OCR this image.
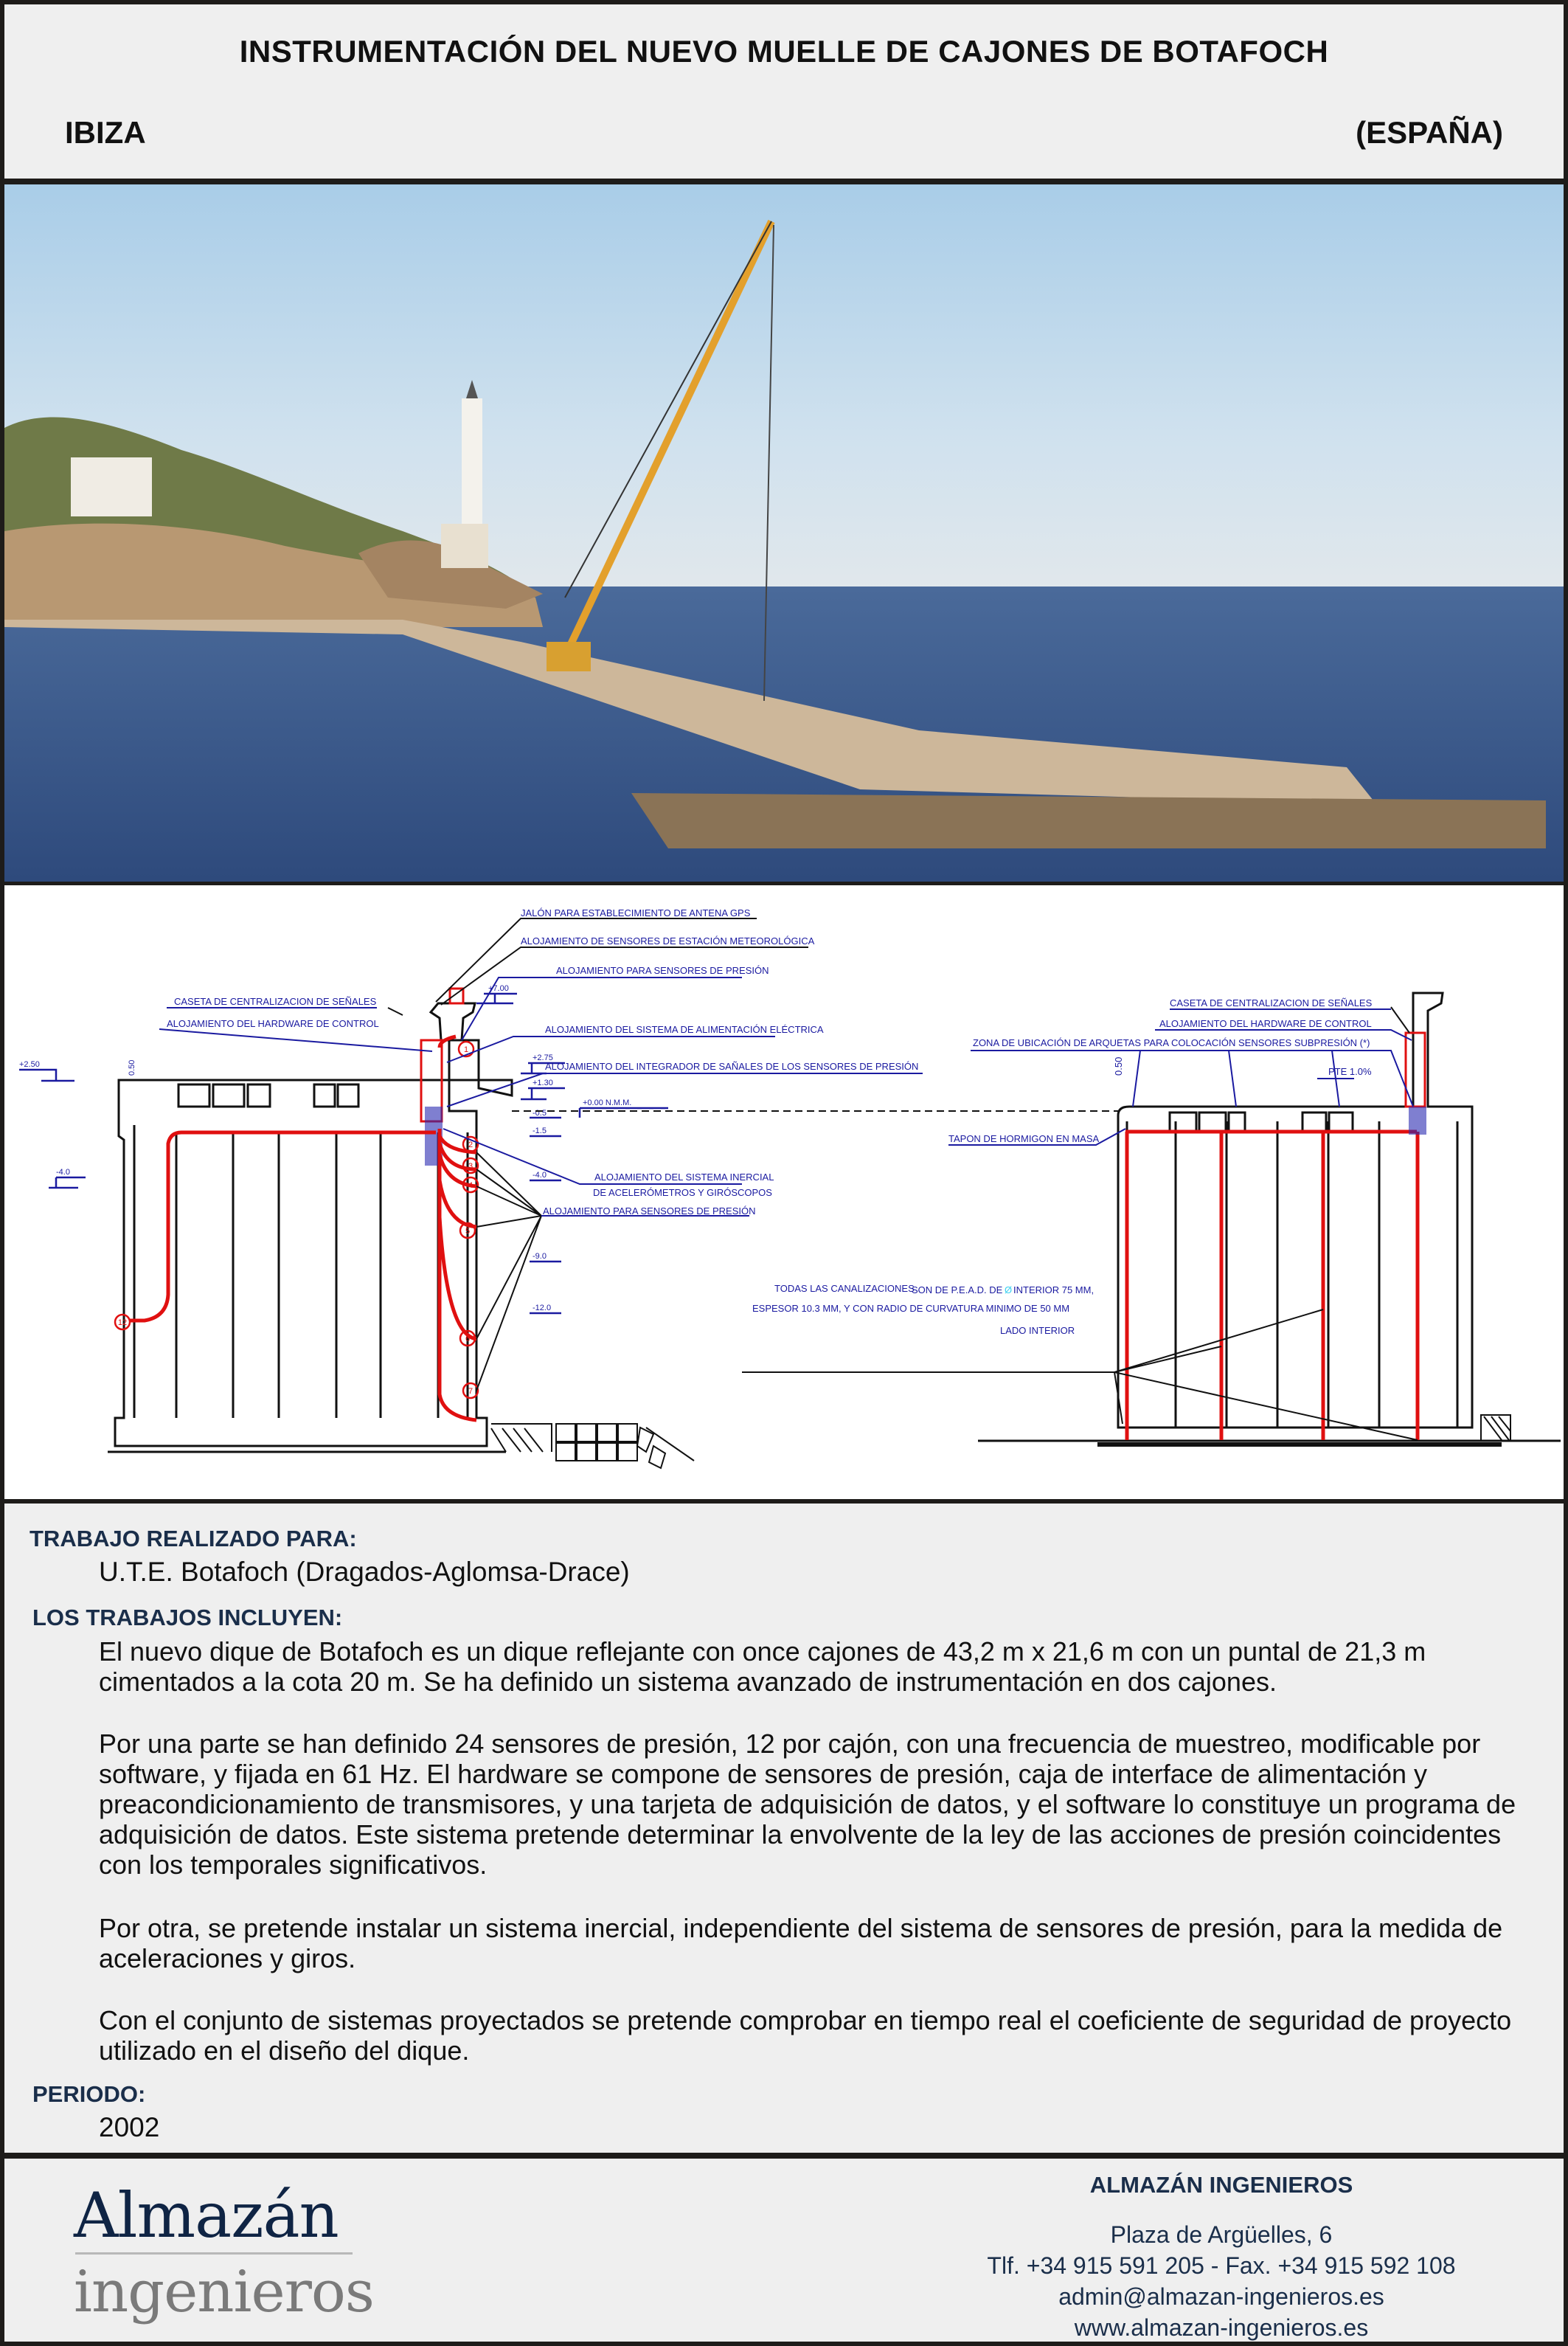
INSTRUMENTACIÓN DEL NUEVO MUELLE DE CAJONES DE BOTAFOCH
IBIZA	(ESPAÑA)
1
2
3
4
5
6
7
12
JALÓN PARA ESTABLECIMIENTO DE ANTENA GPS
ALOJAMIENTO DE SENSORES DE ESTACIÓN METEOROLÓGICA
ALOJAMIENTO PARA SENSORES DE PRESIÓN
CASETA DE CENTRALIZACION DE SEÑALES
ALOJAMIENTO DEL HARDWARE DE CONTROL
ALOJAMIENTO DEL SISTEMA DE ALIMENTACIÓN ELÉCTRICA
ALOJAMIENTO DEL INTEGRADOR DE SAÑALES DE LOS SENSORES DE PRESIÓN
ALOJAMIENTO DEL SISTEMA INERCIAL
DE ACELERÓMETROS Y GIRÓSCOPOS
ALOJAMIENTO PARA SENSORES DE PRESIÓN
+7.00
+2.50	0.50
+2.75
+1.30
+0.00 N.M.M.
-0.5
-1.5
-4.0	-4.0
-9.0
-12.0
CASETA DE CENTRALIZACION DE SEÑALES
ALOJAMIENTO DEL HARDWARE DE CONTROL
ZONA DE UBICACIÓN DE ARQUETAS PARA COLOCACIÓN SENSORES SUBPRESIÓN (*)
TAPON DE HORMIGON EN MASA
LADO INTERIOR
PTE 1.0%
0.50
TODAS LAS CANALIZACIONES
SON DE P.E.A.D. DE Ø INTERIOR 75 MM,
ESPESOR 10.3 MM, Y CON RADIO DE CURVATURA MINIMO DE 50 MM
TRABAJO REALIZADO PARA:
U.T.E. Botafoch (Dragados-Aglomsa-Drace)
LOS TRABAJOS INCLUYEN:

El nuevo dique de Botafoch es un dique reflejante con once cajones de 43,2 m x 21,6 m con un puntal de 21,3 m cimentados a la cota 20 m. Se ha definido un sistema avanzado de instrumentación en dos cajones.

Por una parte se han definido 24 sensores de presión, 12 por cajón, con una frecuencia de muestreo, modificable por software, y fijada en 61 Hz. El hardware se compone de sensores de presión, caja de interface de alimentación y preacondicionamiento de transmisores, y una tarjeta de adquisición de datos, y el software lo constituye un programa de adquisición de datos. Este sistema pretende determinar la envolvente de la ley de las acciones de presión coincidentes con los temporales significativos.

Por otra, se pretende instalar un sistema inercial, independiente del sistema de sensores de presión, para la medida de aceleraciones y giros.

Con el conjunto de sistemas proyectados se pretende comprobar en tiempo real el coeficiente de seguridad de proyecto utilizado en el diseño del dique.

PERIODO:
2002
Almazán
ingenieros
ALMAZÁN INGENIEROS
Plaza de Argüelles, 6
Tlf. +34 915 591 205 - Fax. +34 915 592 108
admin@almazan-ingenieros.es
www.almazan-ingenieros.es
